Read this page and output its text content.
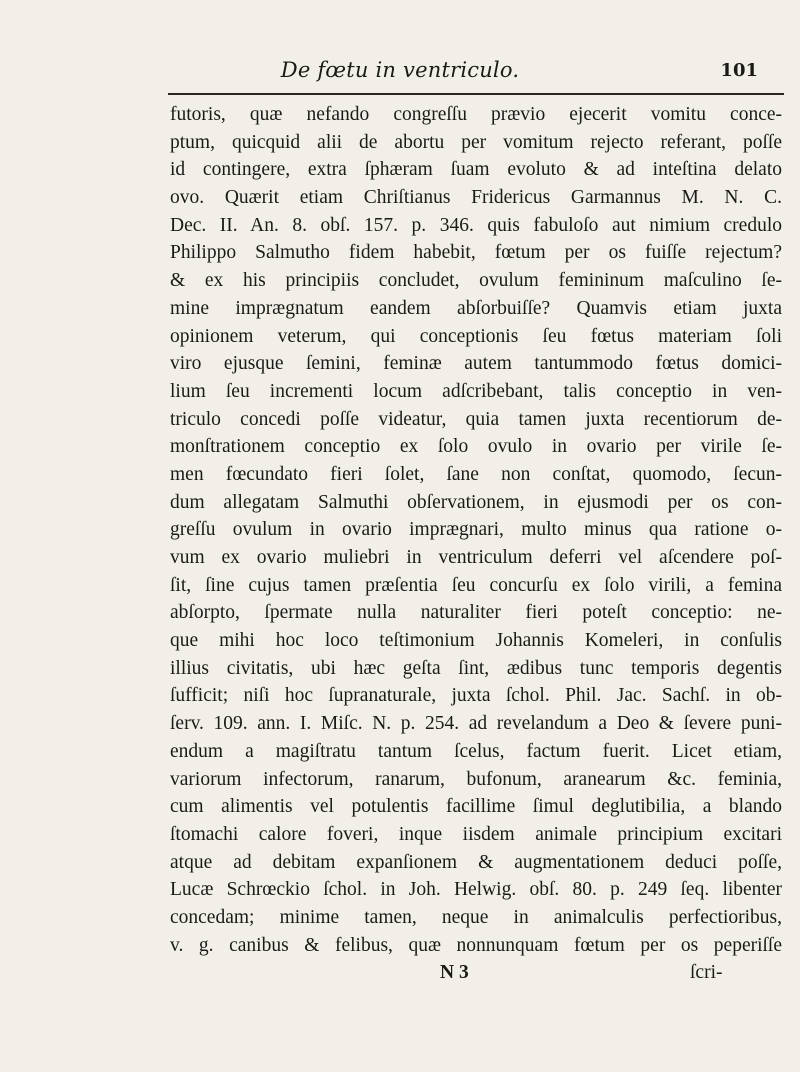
De fœtu in ventriculo.	101
futoris, quæ nefando congreſſu prævio ejecerit vomitu conce-
ptum, quicquid alii de abortu per vomitum rejecto referant, poſſe
id contingere, extra ſphæram ſuam evoluto & ad inteſtina delato
ovo. Quærit etiam Chriſtianus Fridericus Garmannus M. N. C.
Dec. II. An. 8. obſ. 157. p. 346. quis fabuloſo aut nimium credulo
Philippo Salmutho fidem habebit, fœtum per os fuiſſe rejectum?
& ex his principiis concludet, ovulum femininum maſculino ſe-
mine imprægnatum eandem abſorbuiſſe? Quamvis etiam juxta
opinionem veterum, qui conceptionis ſeu fœtus materiam ſoli
viro ejusque ſemini, feminæ autem tantummodo fœtus domici-
lium ſeu incrementi locum adſcribebant, talis conceptio in ven-
triculo concedi poſſe videatur, quia tamen juxta recentiorum de-
monſtrationem conceptio ex ſolo ovulo in ovario per virile ſe-
men fœcundato fieri ſolet, ſane non conſtat, quomodo, ſecun-
dum allegatam Salmuthi obſervationem, in ejusmodi per os con-
greſſu ovulum in ovario imprægnari, multo minus qua ratione o-
vum ex ovario muliebri in ventriculum deferri vel aſcendere poſ-
ſit, ſine cujus tamen præſentia ſeu concurſu ex ſolo virili, a femina
abſorpto, ſpermate nulla naturaliter fieri poteſt conceptio: ne-
que mihi hoc loco teſtimonium Johannis Komeleri, in conſulis
illius civitatis, ubi hæc geſta ſint, ædibus tunc temporis degentis
ſufficit; niſi hoc ſupranaturale, juxta ſchol. Phil. Jac. Sachſ. in ob-
ſerv. 109. ann. I. Miſc. N. p. 254. ad revelandum a Deo & ſevere puni-
endum a magiſtratu tantum ſcelus, factum fuerit. Licet etiam,
variorum infectorum, ranarum, bufonum, aranearum &c. feminia,
cum alimentis vel potulentis facillime ſimul deglutibilia, a blando
ſtomachi calore foveri, inque iisdem animale principium excitari
atque ad debitam expanſionem & augmentationem deduci poſſe,
Lucæ Schrœckio ſchol. in Joh. Helwig. obſ. 80. p. 249 ſeq. libenter
concedam; minime tamen, neque in animalculis perfectioribus,
v. g. canibus & felibus, quæ nonnunquam fœtum per os peperiſſe
N 3	ſcri-
